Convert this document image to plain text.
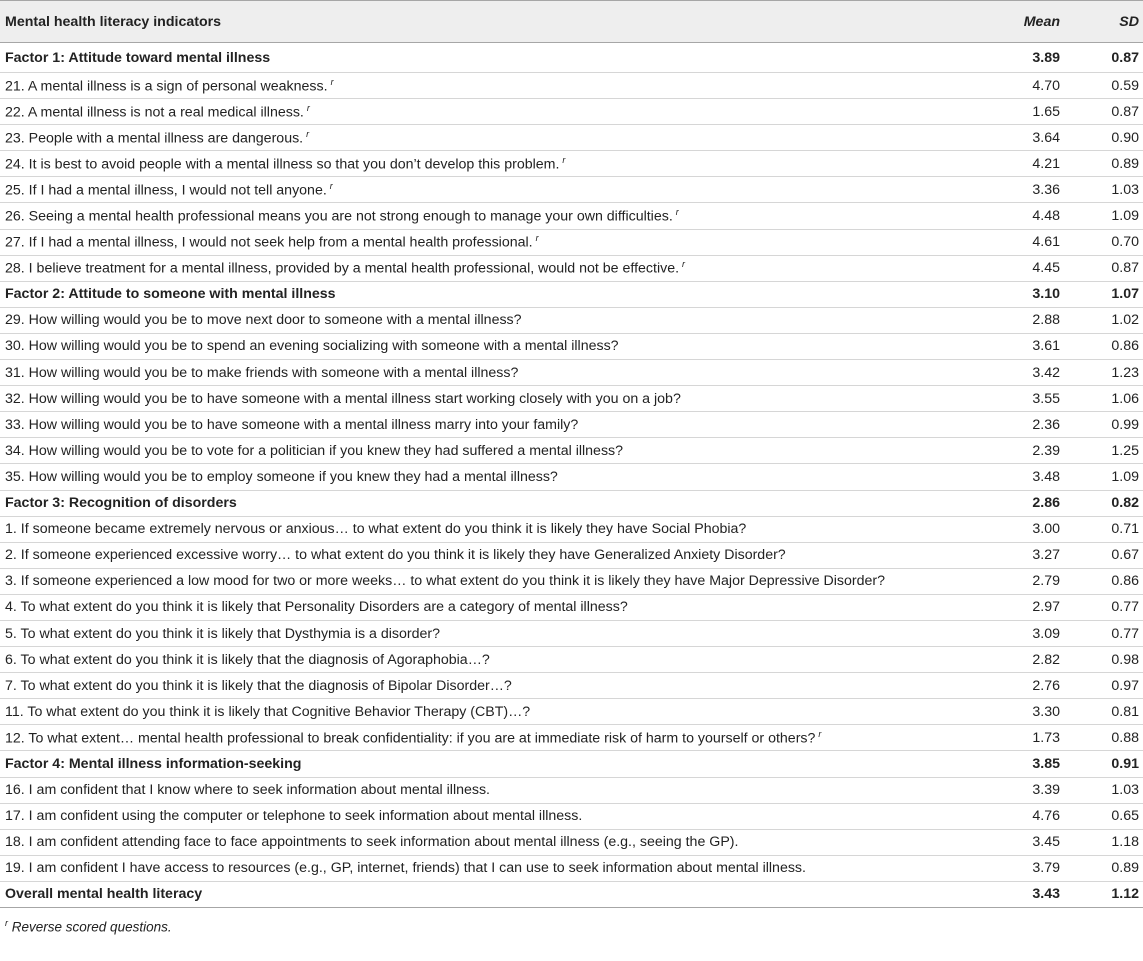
Mental health literacy indicators	Mean	SD
Factor 1: Attitude toward mental illness	3.89	0.87
21. A mental illness is a sign of personal weakness. $^r$	4.70	0.59
22. A mental illness is not a real medical illness. $^r$	1.65	0.87
23. People with a mental illness are dangerous. $^r$	3.64	0.90
24. It is best to avoid people with a mental illness so that you don’t develop this problem. $^r$	4.21	0.89
25. If I had a mental illness, I would not tell anyone. $^r$	3.36	1.03
26. Seeing a mental health professional means you are not strong enough to manage your own difficulties. $^r$	4.48	1.09
27. If I had a mental illness, I would not seek help from a mental health professional. $^r$	4.61	0.70
28. I believe treatment for a mental illness, provided by a mental health professional, would not be effective. $^r$	4.45	0.87
Factor 2: Attitude to someone with mental illness	3.10	1.07
29. How willing would you be to move next door to someone with a mental illness?	2.88	1.02
30. How willing would you be to spend an evening socializing with someone with a mental illness?	3.61	0.86
31. How willing would you be to make friends with someone with a mental illness?	3.42	1.23
32. How willing would you be to have someone with a mental illness start working closely with you on a job?	3.55	1.06
33. How willing would you be to have someone with a mental illness marry into your family?	2.36	0.99
34. How willing would you be to vote for a politician if you knew they had suffered a mental illness?	2.39	1.25
35. How willing would you be to employ someone if you knew they had a mental illness?	3.48	1.09
Factor 3: Recognition of disorders	2.86	0.82
1. If someone became extremely nervous or anxious… to what extent do you think it is likely they have Social Phobia?	3.00	0.71
2. If someone experienced excessive worry… to what extent do you think it is likely they have Generalized Anxiety Disorder?	3.27	0.67
3. If someone experienced a low mood for two or more weeks… to what extent do you think it is likely they have Major Depressive Disorder?	2.79	0.86
4. To what extent do you think it is likely that Personality Disorders are a category of mental illness?	2.97	0.77
5. To what extent do you think it is likely that Dysthymia is a disorder?	3.09	0.77
6. To what extent do you think it is likely that the diagnosis of Agoraphobia…?	2.82	0.98
7. To what extent do you think it is likely that the diagnosis of Bipolar Disorder…?	2.76	0.97
11. To what extent do you think it is likely that Cognitive Behavior Therapy (CBT)…?	3.30	0.81
12. To what extent… mental health professional to break confidentiality: if you are at immediate risk of harm to yourself or others? $^r$	1.73	0.88
Factor 4: Mental illness information-seeking	3.85	0.91
16. I am confident that I know where to seek information about mental illness.	3.39	1.03
17. I am confident using the computer or telephone to seek information about mental illness.	4.76	0.65
18. I am confident attending face to face appointments to seek information about mental illness (e.g., seeing the GP).	3.45	1.18
19. I am confident I have access to resources (e.g., GP, internet, friends) that I can use to seek information about mental illness.	3.79	0.89
Overall mental health literacy	3.43	1.12
$^r$ Reverse scored questions.
